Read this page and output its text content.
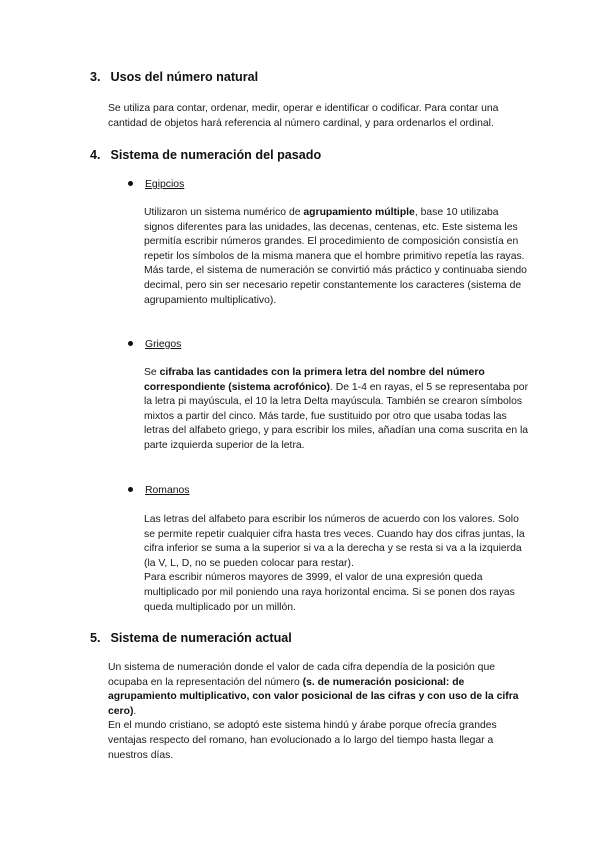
3. Usos del número natural

Se utiliza para contar, ordenar, medir, operar e identificar o codificar. Para contar una cantidad de objetos hará referencia al número cardinal, y para ordenarlos el ordinal.

4. Sistema de numeración del pasado
Egipcios

Utilizaron un sistema numérico de agrupamiento múltiple, base 10 utilizaba signos diferentes para las unidades, las decenas, centenas, etc. Este sistema les permitía escribir números grandes. El procedimiento de composición consistía en repetir los símbolos de la misma manera que el hombre primitivo repetía las rayas.

Más tarde, el sistema de numeración se convirtió más práctico y continuaba siendo decimal, pero sin ser necesario repetir constantemente los caracteres (sistema de agrupamiento multiplicativo).

Griegos

Se cifraba las cantidades con la primera letra del nombre del número correspondiente (sistema acrofónico). De 1-4 en rayas, el 5 se representaba por la letra pi mayúscula, el 10 la letra Delta mayúscula. También se crearon símbolos mixtos a partir del cinco. Más tarde, fue sustituido por otro que usaba todas las letras del alfabeto griego, y para escribir los miles, añadían una coma suscrita en la parte izquierda superior de la letra.

Romanos

Las letras del alfabeto para escribir los números de acuerdo con los valores. Solo se permite repetir cualquier cifra hasta tres veces. Cuando hay dos cifras juntas, la cifra inferior se suma a la superior si va a la derecha y se resta si va a la izquierda (la V, L, D, no se pueden colocar para restar).

Para escribir números mayores de 3999, el valor de una expresión queda multiplicado por mil poniendo una raya horizontal encima. Si se ponen dos rayas queda multiplicado por un millón.

5. Sistema de numeración actual

Un sistema de numeración donde el valor de cada cifra dependía de la posición que ocupaba en la representación del número (s. de numeración posicional: de agrupamiento multiplicativo, con valor posicional de las cifras y con uso de la cifra cero).

En el mundo cristiano, se adoptó este sistema hindú y árabe porque ofrecía grandes ventajas respecto del romano, han evolucionado a lo largo del tiempo hasta llegar a nuestros días.
